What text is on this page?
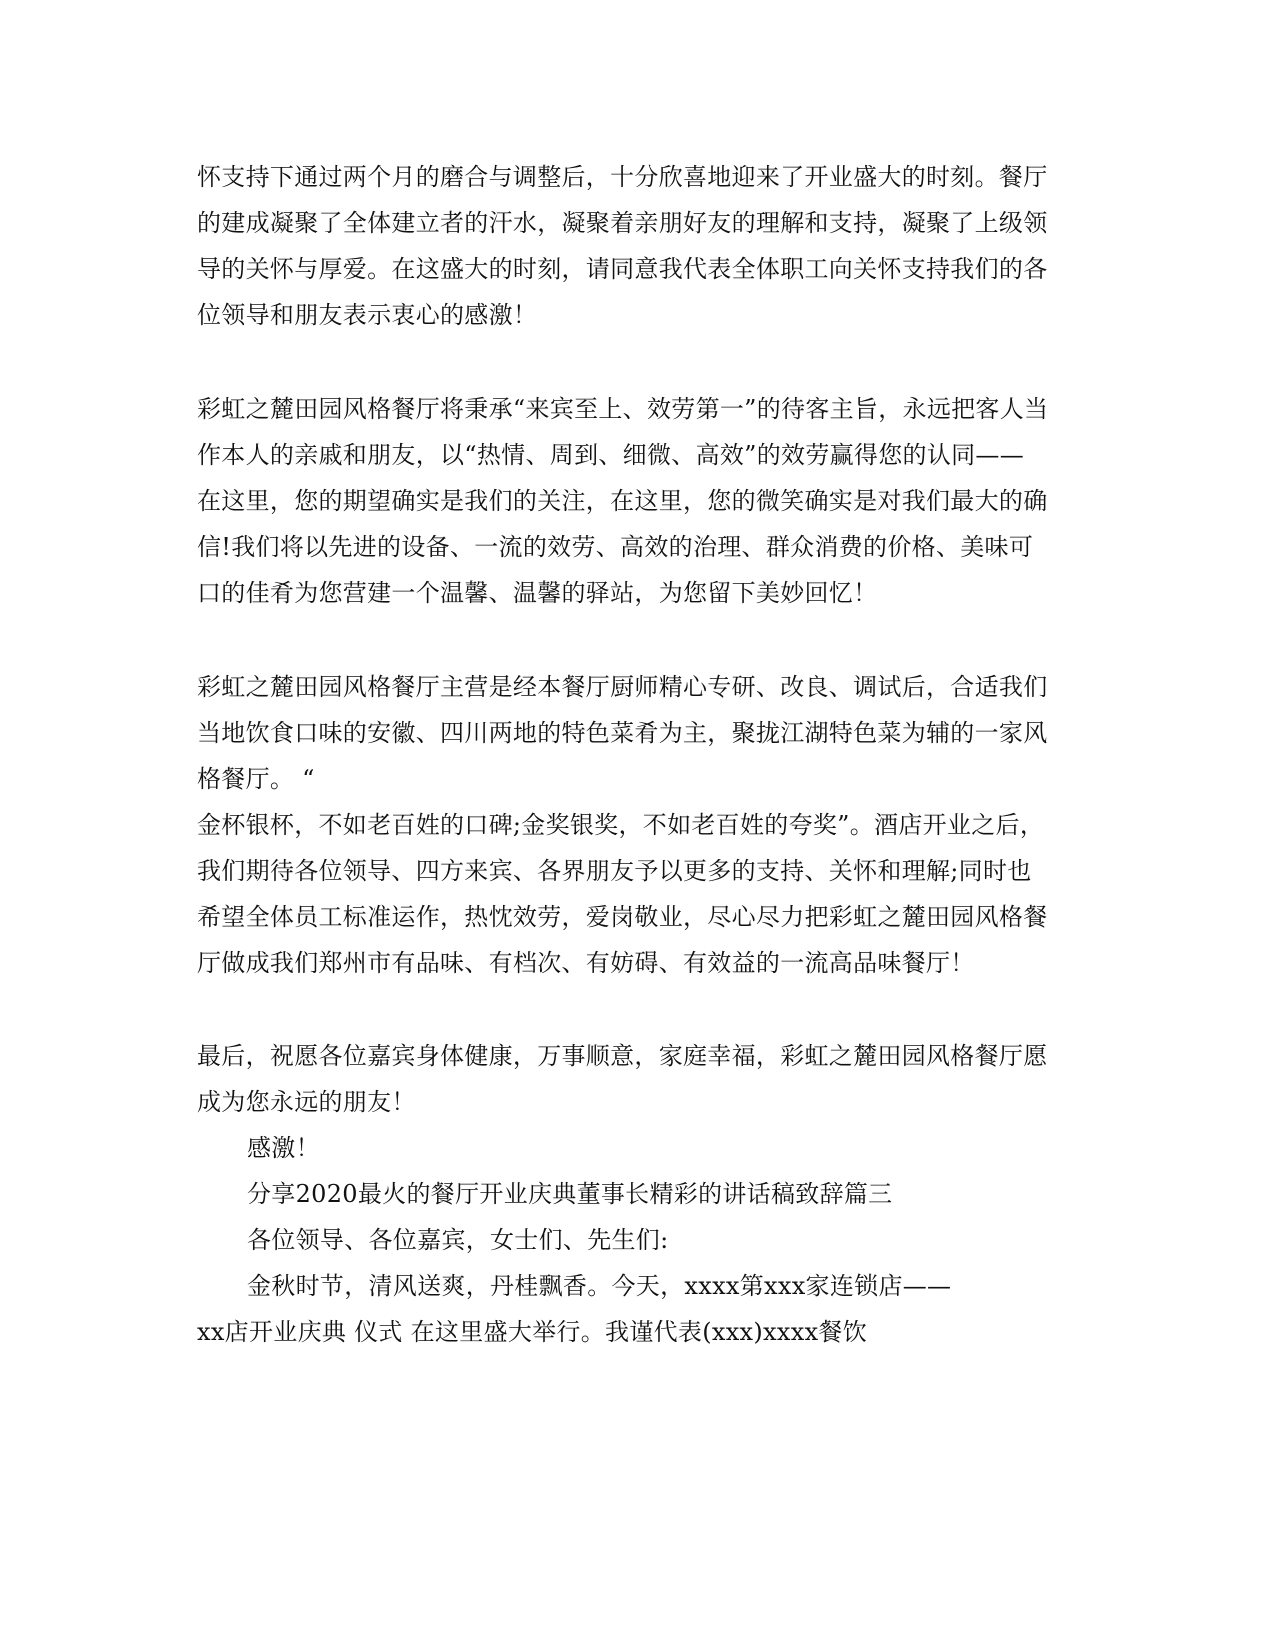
怀支持下通过两个月的磨合与调整后，十分欣喜地迎来了开业盛大的时刻。餐厅
的建成凝聚了全体建立者的汗水，凝聚着亲朋好友的理解和支持，凝聚了上级领
导的关怀与厚爱。在这盛大的时刻，请同意我代表全体职工向关怀支持我们的各
位领导和朋友表示衷心的感激！
彩虹之麓田园风格餐厅将秉承“来宾至上、效劳第一”的待客主旨，永远把客人当
作本人的亲戚和朋友，以“热情、周到、细微、高效”的效劳赢得您的认同——
在这里，您的期望确实是我们的关注，在这里，您的微笑确实是对我们最大的确
信!我们将以先进的设备、一流的效劳、高效的治理、群众消费的价格、美味可
口的佳肴为您营建一个温馨、温馨的驿站，为您留下美妙回忆！
彩虹之麓田园风格餐厅主营是经本餐厅厨师精心专研、改良、调试后，合适我们
当地饮食口味的安徽、四川两地的特色菜肴为主，聚拢江湖特色菜为辅的一家风
格餐厅。 “
金杯银杯，不如老百姓的口碑;金奖银奖，不如老百姓的夸奖”。酒店开业之后，
我们期待各位领导、四方来宾、各界朋友予以更多的支持、关怀和理解;同时也
希望全体员工标准运作，热忱效劳，爱岗敬业，尽心尽力把彩虹之麓田园风格餐
厅做成我们郑州市有品味、有档次、有妨碍、有效益的一流高品味餐厅！
最后，祝愿各位嘉宾身体健康，万事顺意，家庭幸福，彩虹之麓田园风格餐厅愿
成为您永远的朋友！
感激！
分享2020最火的餐厅开业庆典董事长精彩的讲话稿致辞篇三
各位领导、各位嘉宾，女士们、先生们:
金秋时节，清风送爽，丹桂飘香。今天，xxxx第xxx家连锁店——
xx店开业庆典 仪式 在这里盛大举行。我谨代表(xxx)xxxx餐饮
